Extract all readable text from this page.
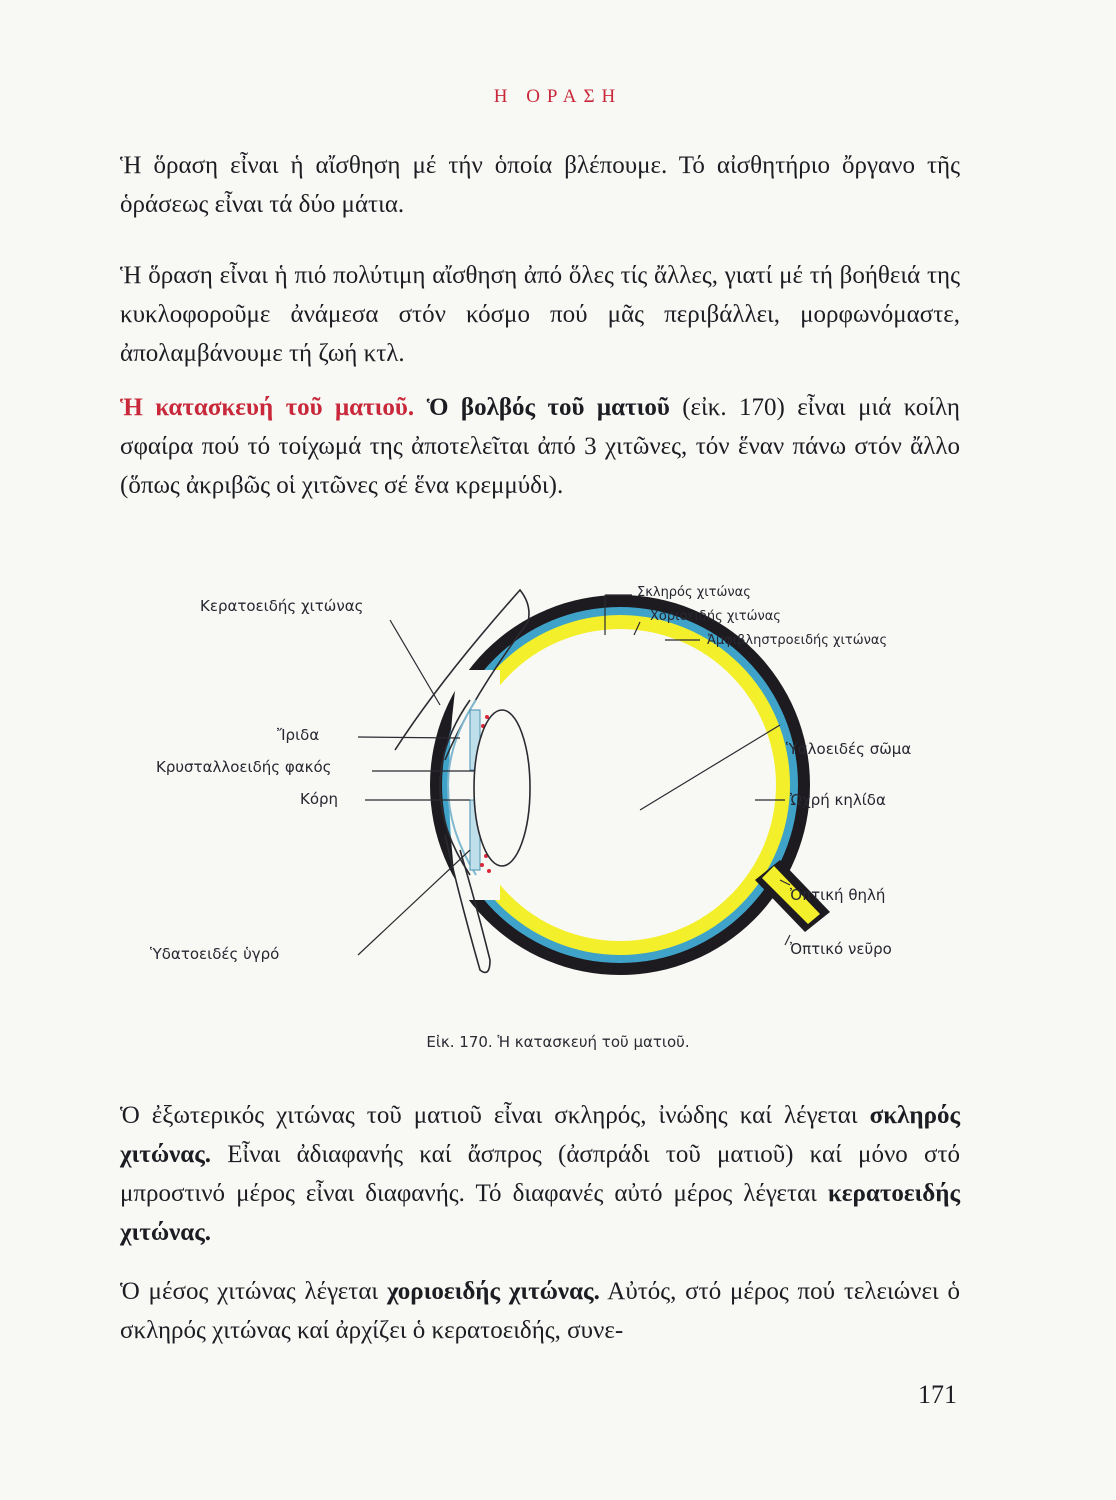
Η ΟΡΑΣΗ

Ἡ ὅραση εἶναι ἡ αἴσθηση μέ τήν ὁποία βλέπουμε. Τό αἰσθητήριο ὄργανο τῆς ὁράσεως εἶναι τά δύο μάτια.

Ἡ ὅραση εἶναι ἡ πιό πολύτιμη αἴσθηση ἀπό ὅλες τίς ἄλλες, γιατί μέ τή βοήθειά της κυκλοφοροῦμε ἀνάμεσα στόν κόσμο πού μᾶς περιβάλλει, μορφωνόμαστε, ἀπολαμβάνουμε τή ζωή κτλ.

Ἡ κατασκευή τοῦ ματιοῦ. Ὁ βολβός τοῦ ματιοῦ (εἰκ. 170) εἶναι μιά κοίλη σφαίρα πού τό τοίχωμά της ἀποτελεῖται ἀπό 3 χιτῶνες, τόν ἕναν πάνω στόν ἄλλο (ὅπως ἀκριβῶς οἱ χιτῶνες σέ ἕνα κρεμμύδι).

Κερατοειδής χιτώνας
Ἴριδα
Κρυσταλλοειδής φακός
Κόρη
Ὑδατοειδές ὑγρό
Σκληρός χιτώνας
Χοριοειδής χιτώνας
Ἀμφιβληστροειδής χιτώνας
Ὑαλοειδές σῶμα
Ὠχρή κηλίδα
Ὀπτική θηλή
Ὀπτικό νεῦρο
Εἰκ. 170. Ἡ κατασκευή τοῦ ματιοῦ.

Ὁ ἐξωτερικός χιτώνας τοῦ ματιοῦ εἶναι σκληρός, ἰνώδης καί λέγεται σκληρός χιτώνας. Εἶναι ἀδιαφανής καί ἄσπρος (ἀσπράδι τοῦ ματιοῦ) καί μόνο στό μπροστινό μέρος εἶναι διαφανής. Τό διαφανές αὐτό μέρος λέγεται κερατοειδής χιτώνας.

Ὁ μέσος χιτώνας λέγεται χοριοειδής χιτώνας. Αὐτός, στό μέρος πού τελειώνει ὁ σκληρός χιτώνας καί ἀρχίζει ὁ κερατοειδής, συνε-

171
